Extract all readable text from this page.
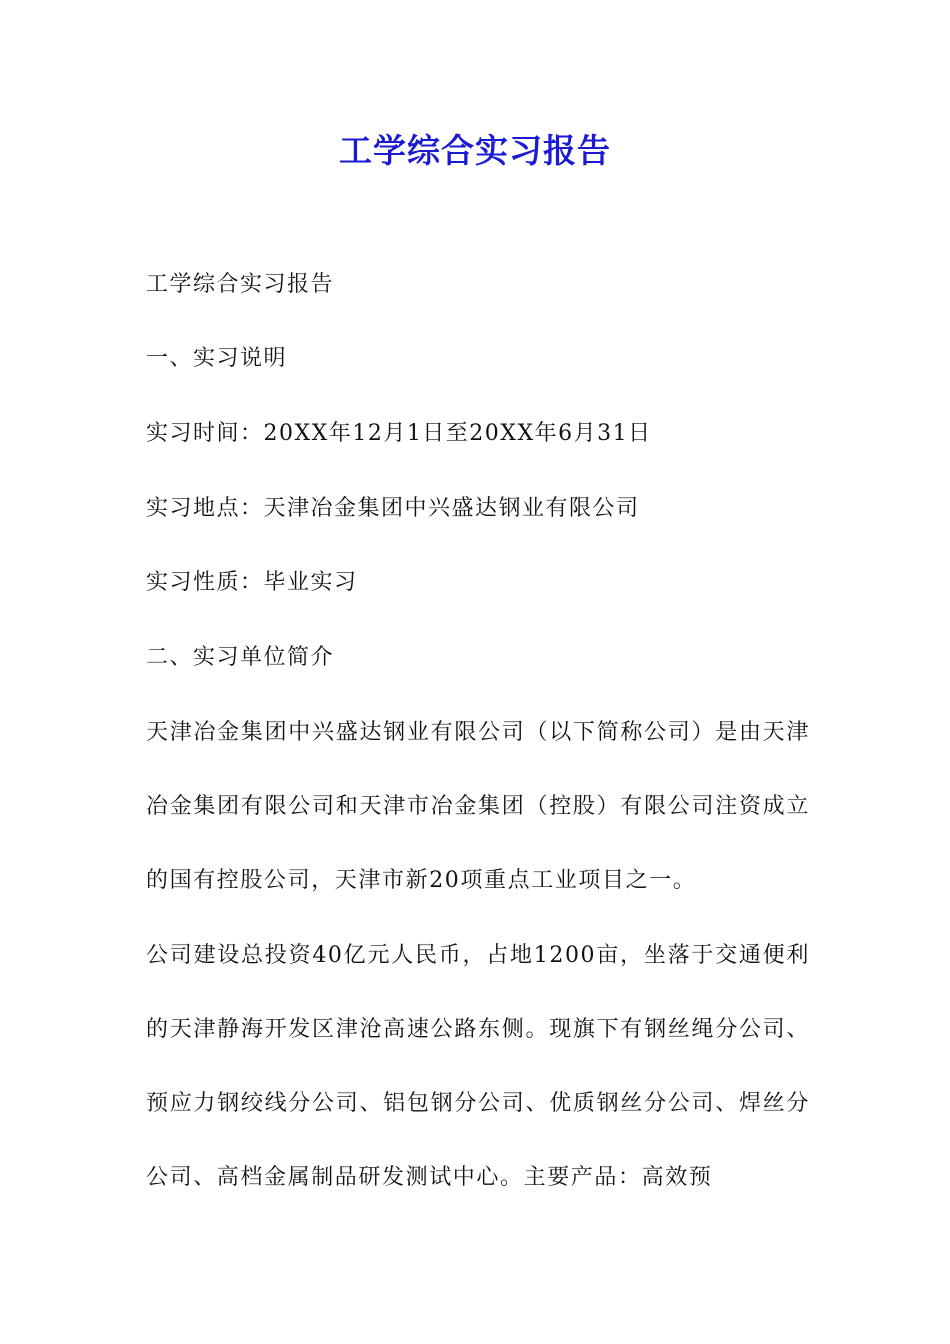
工学综合实习报告
工学综合实习报告
一、实习说明
实习时间：20XX年12月1日至20XX年6月31日
实习地点：天津冶金集团中兴盛达钢业有限公司
实习性质：毕业实习
二、实习单位简介

天津冶金集团中兴盛达钢业有限公司（以下简称公司）是由天津冶金集团有限公司和天津市冶金集团（控股）有限公司注资成立的国有控股公司，天津市新20项重点工业项目之一。

公司建设总投资40亿元人民币，占地1200亩，坐落于交通便利的天津静海开发区津沧高速公路东侧。现旗下有钢丝绳分公司、预应力钢绞线分公司、铝包钢分公司、优质钢丝分公司、焊丝分公司、高档金属制品研发测试中心。主要产品：高效预
